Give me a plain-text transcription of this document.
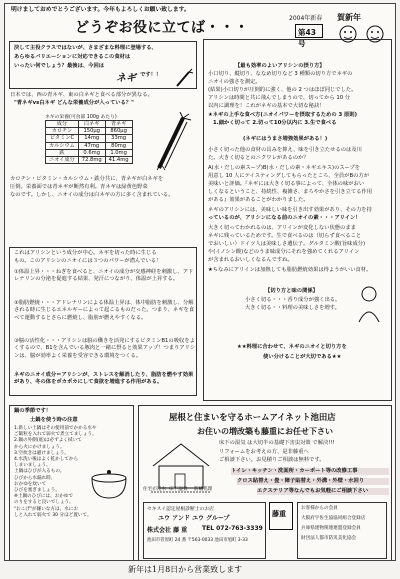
明けましておめでとうございます。今年もよろしくお願い致します。
どうぞお役に立てば・・・
2004年新春 賀新年
第43号
決して主役クラスではないが、さまざまな料理に登場する、
あらゆるバリエーションに対応できるこの食材は
いったい何でしょう？最後は、今回は
ネギ です！！
日本では、西の青ネギ、東の白ネギと食べる部分が異なる。
"青ネギvs白ネギ どんな栄養成分が入っている？"
ネギの栄養(可食部 100g あたり)
成分	白ネギ	青ネギ
カロチン	150μg	860μg
ビタミンC	14mg	33mg
カルシウム	47mg	80mg
鉄	0.6mg	1.0mg
ニオイ成分	72.8mg	41.4mg
カロチン・ビタミン・カルシウム・鉄分共に、青ネギが白ネギを
圧倒。栄養面では青ネギが断然有利。青ネギは緑黄色野菜
なのです。しかし、ニオイの成分は白ネギの方に多く含まれている。
これはアリシンという成分が中心。ネギを切った時に生じる
もの。このアリシンのニオイには３つのパワーが潜んでいる！
①体温上昇・・・ねぎを食べると、ニオイの成分が交感神経を刺激し、アドレナリンの分泌を促進する結果、発汗につながり、体温が上昇する。
②脂肪燃焼・・・アドレナリンによる体温上昇は、体中脂肪を刺激し、分解される時に生じるエネルギーによって起こるものだった。つまり、ネギを食べて運動するとさらに燃焼し、脂肪が燃えやすくなる。
③脳の活性化・・・アリシンは脳の働きを活発にするビタミンB1の吸収をよくするので、B1を含んでいる豚肉と一緒に摂ると効果アップ！つまりアリシンは、脳が効率よく栄養を受容できる環境をつくる。
ネギのニオイ成分＝アリシンが、ストレスを解消したり、脂肪を燃やす効果があり、冬の体をポカポカにして食欲を増進する作用がある。
【最も効率のよいアリシンの摂り方】
小口切り、縦切り、ななめ切りなど 3 種類の切り方でネギの
ニオイの強さを測定。
(結果)小口切りが圧倒的に強く、他の 2 つはほぼ同じでした。
アリシンは時間と共に飛んでしまうので、切ってから 10 分
以内に調理を！これがネギの基本で大切な秘訣！
★ネギの上手な食べ方(ニオイパワーを摂取するための 3 原則)
1.細かく切って 2.切って10分以内に 3.生で食べる
(ネギにはうまさ増強効果がある！)
小さく切った他の食材の具みを抑え、味を引き立たせるのは及川
た。大きく切るとのニクワレがあるのか？
A(水・だしの素スープ)B(水・だしの素・ネギエキス)のスープを
用意し 10 人にテイスティングしてもらったところ、全員がBの方が
美味いと評価。『ネギには大きく切る事によって、全体の味がおい
しくなるということ、持続性、複雑さ、まろやかさを引き立てる作用
がある』効果があることがわかりました。
ネギのアリシンには、美味しい味を引き出す効果があり、その力を持
っているのが、アリシンになる前のニオイの素・・・アリイン！
大きく切ってわかれるのは、アリインが変化しない状態のまま
ネギに残っているためです。生で食べるのは（切らず食べること
でおいしい）ドイツ人は美味しさ遺伝子。グルタミン酸(旨味成分)
や(イノシン酸)などのうま味成分にそれを強めてくれるアリイン
が含まれるおいしくなるんですね。
★ちなみにアリインは加熱しても脂肪燃焼効果は得ようがいい食材。
【切り方と味の関係】
小さく切る・・・香り成分が強く出る。
大きく切る・・料理の美味しさを増す。
★★料理に合わせて、ネギのニオイと切り方を
使い分けることが大切である★★
鍋の季節です！
土鍋を使う時の注意
1.新しい土鍋はその使用前でかかる水や
ご飯粒を入れて弱火で煮立てましょう。
2.鍋の外側(底)は必ずよく拭いて
から火にかけましょう。
3.空炊きは避けましょう。
4.水洗い後はよく乾かしてから
しまいましょう。
土鍋はひびが入るもの。
ひびから水漏れ時、
おかゆを炊いて
ひびを塞ぎましょう。
※土鍋のひびには、おかゆで
のりをすると良いでしょう。
"おこげ"が嫌いな方は、水にお
しと入れて弱火で 30 分ほど置いて。
屋根と住まいを守るホームアイネット池田店
お住いの増改築も藤重にお任せ下さい
床下の湿気 は大切半の基礎下害虫対策 で解決!!!
リフォームをお考えの方、是非藤重へ
ご相談下さい。お見積りご相談は無料です。
トイレ・キッチン・洗面所・カーポート等の改修工事
クロス貼替え・畳・障子貼替え・外溝・外壁・水回り
エクステリア等なんでもお気軽にご相談下さい
住宅が浸水 床下湿気 防蟻処理
セキスイ認定屋根診断士のお店
ユウ アンド ユウ グループ
株式会社 藤 重 TEL 072-763-3339
池田市菅原町 24 番 〒563-0033 池田市旭町 3-33
藤重
お客様からの会員
大阪府宇佐生協協同組合登録店
兵庫県建物関連連盟登録会員
財団法人都市防災美化協会
新年は1月8日から営業致します
